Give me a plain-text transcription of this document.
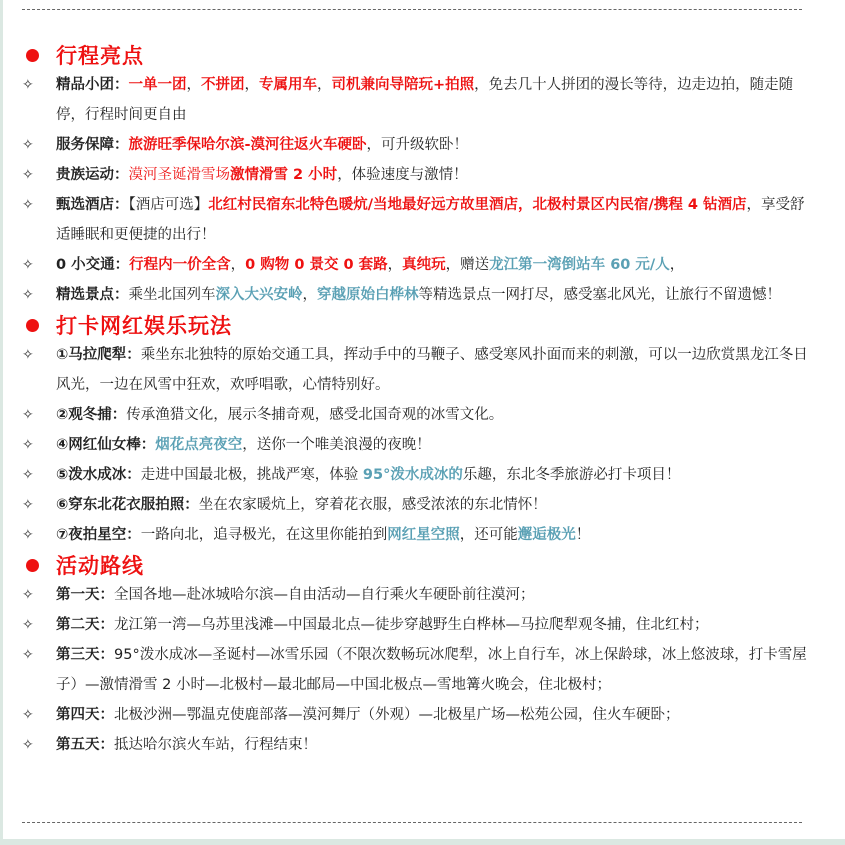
行程亮点
✧	精品小团：一单一团，不拼团，专属用车，司机兼向导陪玩+拍照，免去几十人拼团的漫长等待，边走边拍，随走随停，行程时间更自由
✧	服务保障：旅游旺季保哈尔滨-漠河往返火车硬卧，可升级软卧！
✧	贵族运动：漠河圣诞滑雪场激情滑雪 2 小时，体验速度与激情！
✧	甄选酒店：【酒店可选】北红村民宿东北特色暖炕/当地最好远方故里酒店，北极村景区内民宿/携程 4 钻酒店，享受舒适睡眠和更便捷的出行！
✧	0 小交通：行程内一价全含，0 购物 0 景交 0 套路，真纯玩，赠送龙江第一湾倒站车 60 元/人，
✧	精选景点：乘坐北国列车深入大兴安岭，穿越原始白桦林等精选景点一网打尽，感受塞北风光，让旅行不留遗憾！
打卡网红娱乐玩法
✧	①马拉爬犁：乘坐东北独特的原始交通工具，挥动手中的马鞭子、感受寒风扑面而来的刺激，可以一边欣赏黑龙江冬日风光，一边在风雪中狂欢，欢呼唱歌，心情特别好。
✧	②观冬捕：传承渔猎文化，展示冬捕奇观，感受北国奇观的冰雪文化。
✧	④网红仙女棒：烟花点亮夜空，送你一个唯美浪漫的夜晚！
✧	⑤泼水成冰：走进中国最北极，挑战严寒，体验 95°泼水成冰的乐趣，东北冬季旅游必打卡项目！
✧	⑥穿东北花衣服拍照：坐在农家暖炕上，穿着花衣服，感受浓浓的东北情怀！
✧	⑦夜拍星空：一路向北，追寻极光，在这里你能拍到网红星空照，还可能邂逅极光！
活动路线
✧	第一天：全国各地—赴冰城哈尔滨—自由活动—自行乘火车硬卧前往漠河；
✧	第二天：龙江第一湾—乌苏里浅滩—中国最北点—徒步穿越野生白桦林—马拉爬犁观冬捕，住北红村；
✧	第三天：95°泼水成冰—圣诞村—冰雪乐园（不限次数畅玩冰爬犁，冰上自行车，冰上保龄球，冰上悠波球，打卡雪屋子）—激情滑雪 2 小时—北极村—最北邮局—中国北极点—雪地篝火晚会，住北极村；
✧	第四天：北极沙洲—鄂温克使鹿部落—漠河舞厅（外观）—北极星广场—松苑公园，住火车硬卧；
✧	第五天：抵达哈尔滨火车站，行程结束！
